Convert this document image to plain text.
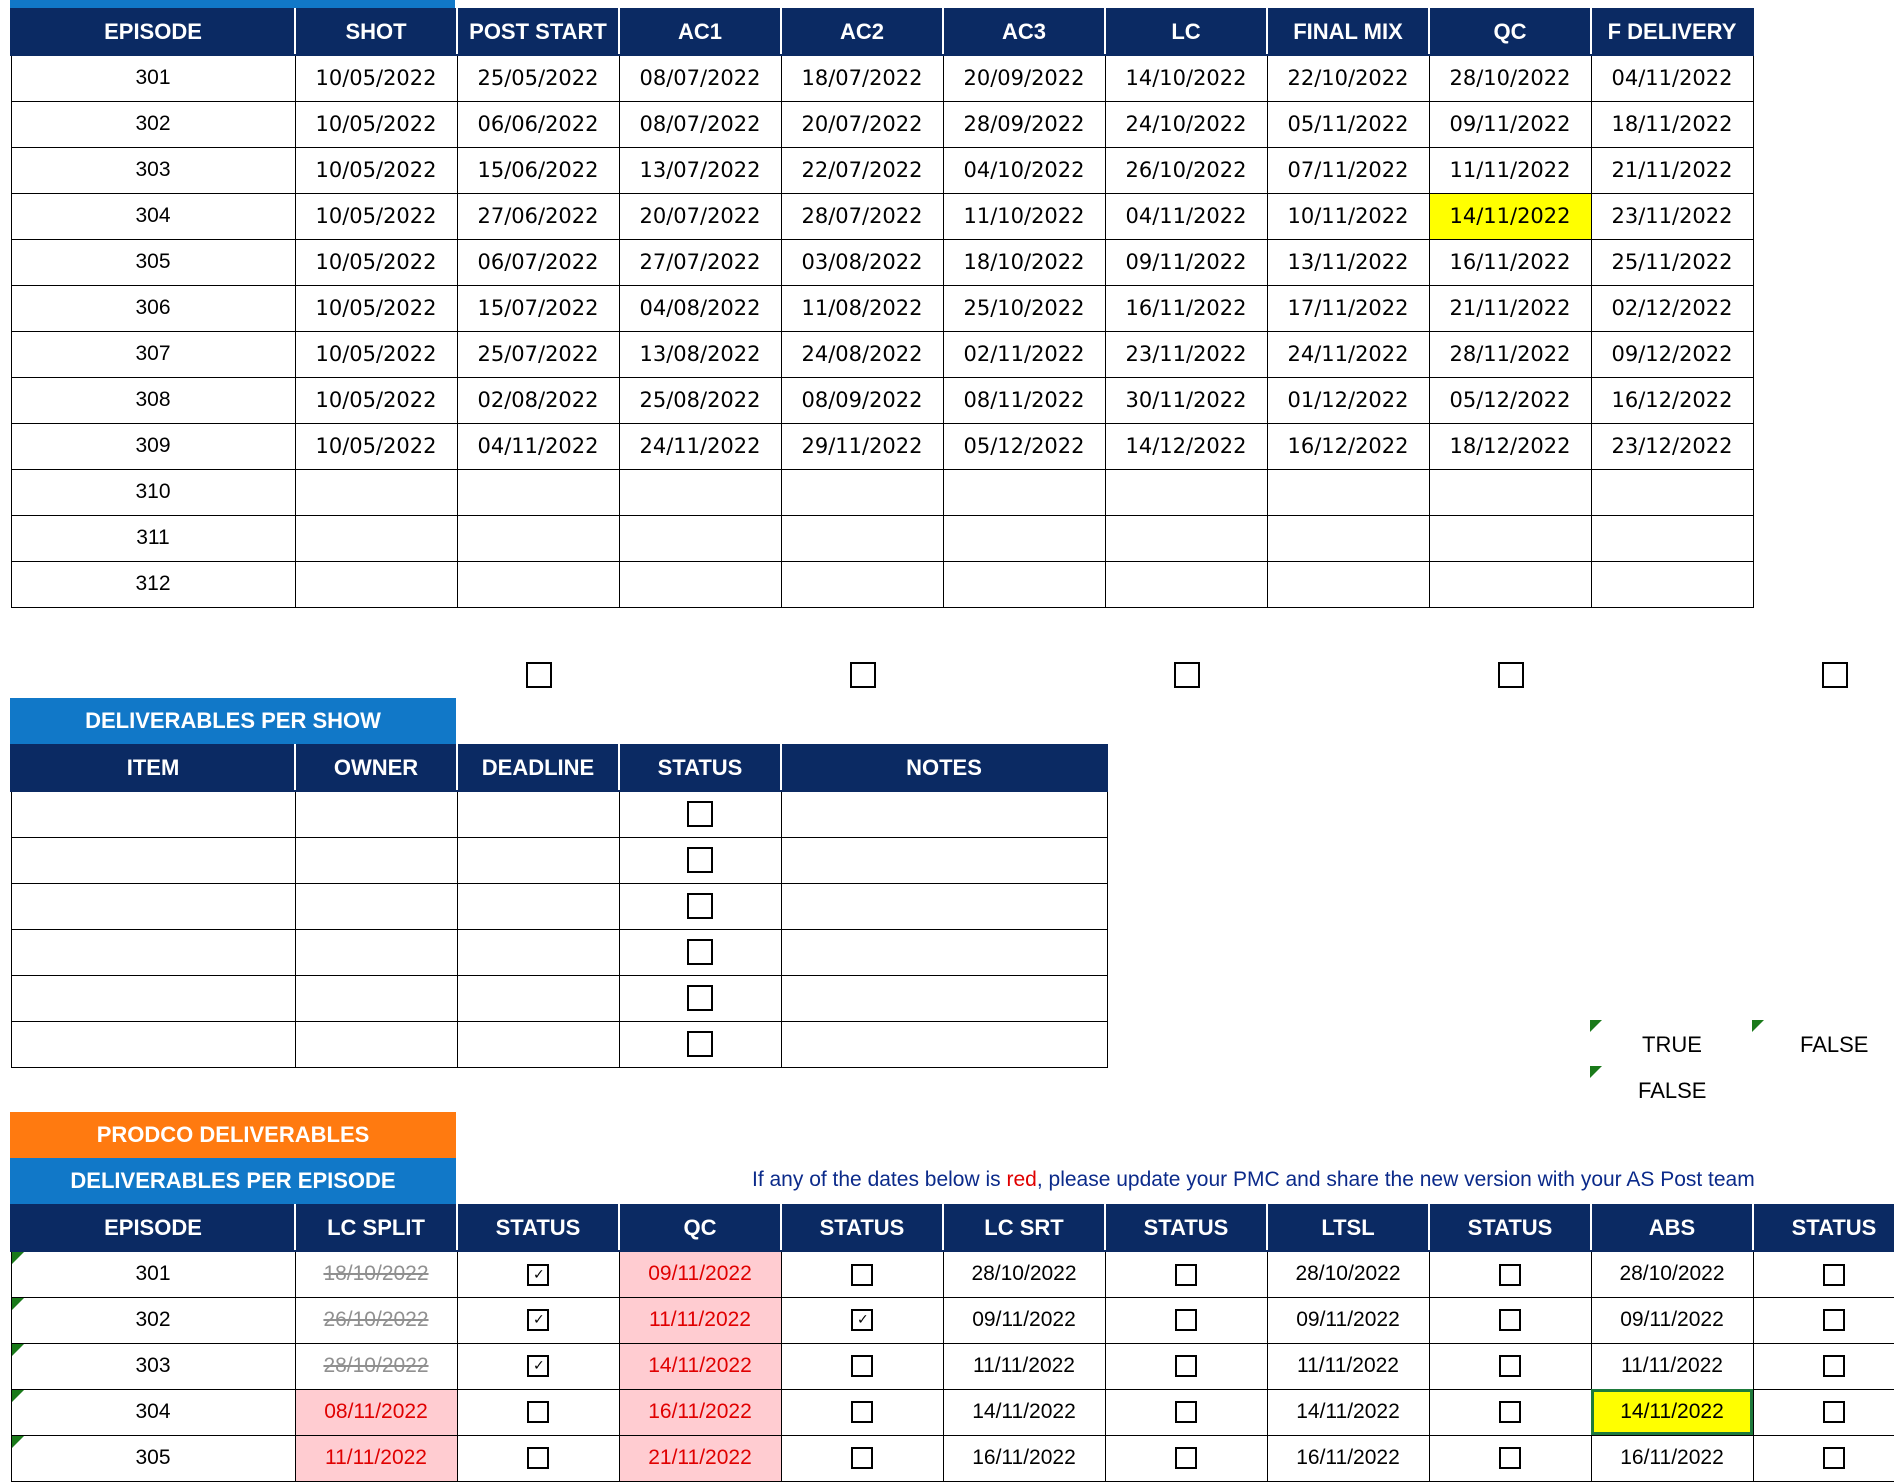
EPISODE	SHOT	POST START	AC1	AC2	AC3	LC	FINAL MIX	QC	F DELIVERY
301	10/05/2022	25/05/2022	08/07/2022	18/07/2022	20/09/2022	14/10/2022	22/10/2022	28/10/2022	04/11/2022
302	10/05/2022	06/06/2022	08/07/2022	20/07/2022	28/09/2022	24/10/2022	05/11/2022	09/11/2022	18/11/2022
303	10/05/2022	15/06/2022	13/07/2022	22/07/2022	04/10/2022	26/10/2022	07/11/2022	11/11/2022	21/11/2022
304	10/05/2022	27/06/2022	20/07/2022	28/07/2022	11/10/2022	04/11/2022	10/11/2022	14/11/2022	23/11/2022
305	10/05/2022	06/07/2022	27/07/2022	03/08/2022	18/10/2022	09/11/2022	13/11/2022	16/11/2022	25/11/2022
306	10/05/2022	15/07/2022	04/08/2022	11/08/2022	25/10/2022	16/11/2022	17/11/2022	21/11/2022	02/12/2022
307	10/05/2022	25/07/2022	13/08/2022	24/08/2022	02/11/2022	23/11/2022	24/11/2022	28/11/2022	09/12/2022
308	10/05/2022	02/08/2022	25/08/2022	08/09/2022	08/11/2022	30/11/2022	01/12/2022	05/12/2022	16/12/2022
309	10/05/2022	04/11/2022	24/11/2022	29/11/2022	05/12/2022	14/12/2022	16/12/2022	18/12/2022	23/12/2022
310									
311									
312									
DELIVERABLES PER SHOW
ITEM	OWNER	DEADLINE	STATUS	NOTES

TRUE	FALSE
FALSE
PRODCO DELIVERABLES
DELIVERABLES PER EPISODE	If any of the dates below is red, please update your PMC and share the new version with your AS Post team
EPISODE	LC SPLIT	STATUS	QC	STATUS	LC SRT	STATUS	LTSL	STATUS	ABS	STATUS
301	18/10/2022	✓	09/11/2022		28/10/2022		28/10/2022		28/10/2022	
302	26/10/2022	✓	11/11/2022	✓	09/11/2022		09/11/2022		09/11/2022	
303	28/10/2022	✓	14/11/2022		11/11/2022		11/11/2022		11/11/2022	
304	08/11/2022		16/11/2022		14/11/2022		14/11/2022		14/11/2022

305	11/11/2022		21/11/2022		16/11/2022		16/11/2022		16/11/2022	
